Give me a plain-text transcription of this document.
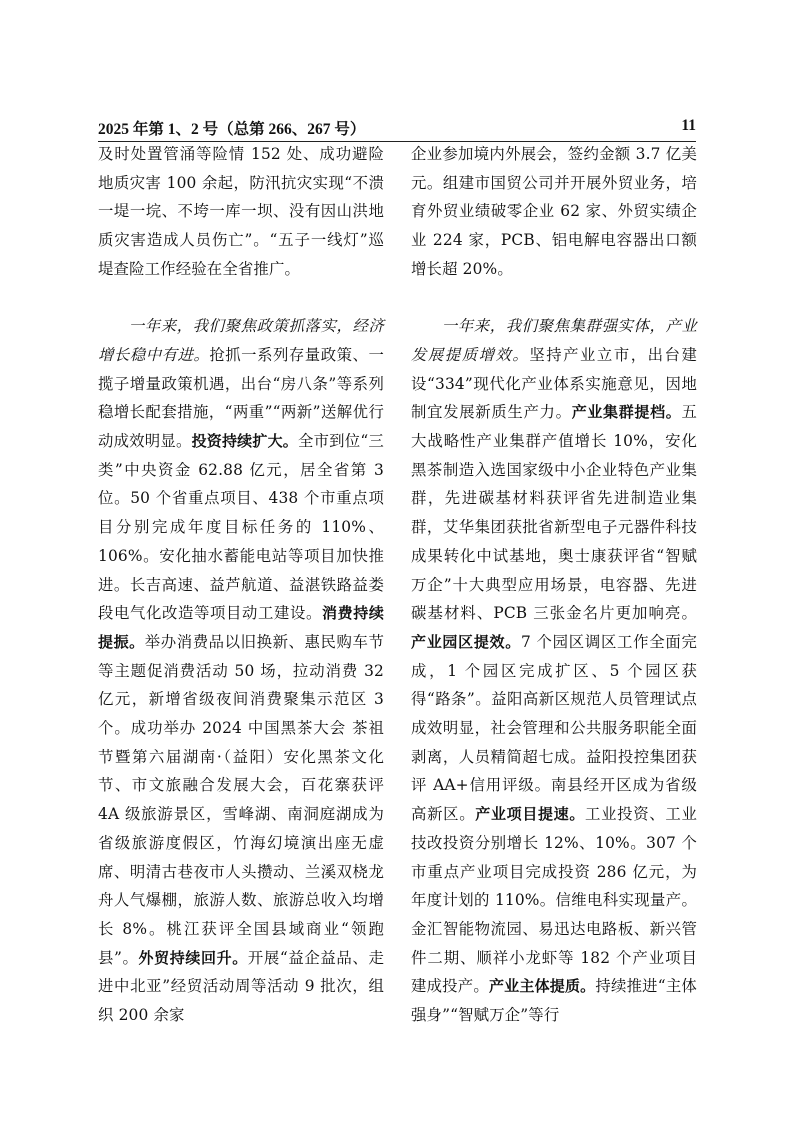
2025 年第 1、2 号（总第 266、267 号）	11

及时处置管涌等险情 152 处、成功避险地质灾害 100 余起，防汛抗灾实现“不溃一堤一垸、不垮一库一坝、没有因山洪地质灾害造成人员伤亡”。“五子一线灯”巡堤查险工作经验在全省推广。

一年来，我们聚焦政策抓落实，经济增长稳中有进。抢抓一系列存量政策、一揽子增量政策机遇，出台“房八条”等系列稳增长配套措施，“两重”“两新”送解优行动成效明显。投资持续扩大。全市到位“三类”中央资金 62.88 亿元，居全省第 3 位。50 个省重点项目、438 个市重点项目分别完成年度目标任务的 110%、106%。安化抽水蓄能电站等项目加快推进。长吉高速、益芦航道、益湛铁路益娄段电气化改造等项目动工建设。消费持续提振。举办消费品以旧换新、惠民购车节等主题促消费活动 50 场，拉动消费 32 亿元，新增省级夜间消费聚集示范区 3 个。成功举办 2024 中国黑茶大会 茶祖节暨第六届湖南·（益阳）安化黑茶文化节、市文旅融合发展大会，百花寨获评 4A 级旅游景区，雪峰湖、南洞庭湖成为省级旅游度假区，竹海幻境演出座无虚席、明清古巷夜市人头攒动、兰溪双桡龙舟人气爆棚，旅游人数、旅游总收入均增长 8%。桃江获评全国县域商业“领跑县”。外贸持续回升。开展“益企益品、走进中北亚”经贸活动周等活动 9 批次，组织 200 余家

企业参加境内外展会，签约金额 3.7 亿美元。组建市国贸公司并开展外贸业务，培育外贸业绩破零企业 62 家、外贸实绩企业 224 家，PCB、铝电解电容器出口额增长超 20%。

一年来，我们聚焦集群强实体，产业发展提质增效。坚持产业立市，出台建设“334”现代化产业体系实施意见，因地制宜发展新质生产力。产业集群提档。五大战略性产业集群产值增长 10%，安化黑茶制造入选国家级中小企业特色产业集群，先进碳基材料获评省先进制造业集群，艾华集团获批省新型电子元器件科技成果转化中试基地，奥士康获评省“智赋万企”十大典型应用场景，电容器、先进碳基材料、PCB 三张金名片更加响亮。产业园区提效。7 个园区调区工作全面完成，1 个园区完成扩区、5 个园区获得“路条”。益阳高新区规范人员管理试点成效明显，社会管理和公共服务职能全面剥离，人员精简超七成。益阳投控集团获评 AA+信用评级。南县经开区成为省级高新区。产业项目提速。工业投资、工业技改投资分别增长 12%、10%。307 个市重点产业项目完成投资 286 亿元，为年度计划的 110%。信维电科实现量产。金汇智能物流园、易迅达电路板、新兴管件二期、顺祥小龙虾等 182 个产业项目建成投产。产业主体提质。持续推进“主体强身”“智赋万企”等行
